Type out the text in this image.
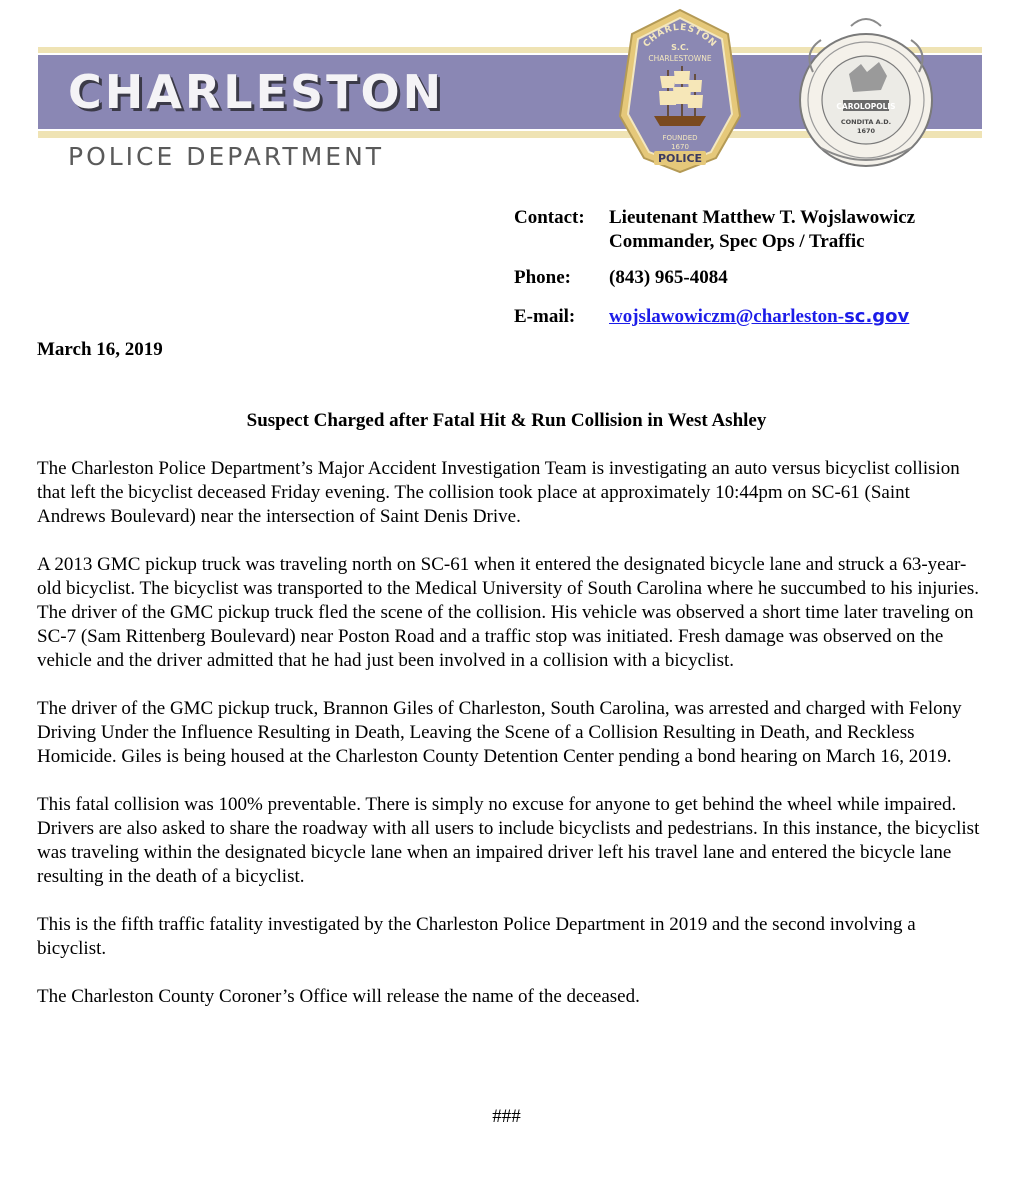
CHARLESTON
POLICE DEPARTMENT
CHARLESTON
S.C.
CHARLESTOWNE
FOUNDED
1670
POLICE
CAROLOPOLIS
CONDITA A.D.
1670
Contact: Lieutenant Matthew T. Wojslawowicz
Commander, Spec Ops / Traffic
Phone: (843) 965-4084
E-mail: wojslawowiczm@charleston-sc.gov
March 16, 2019
Suspect Charged after Fatal Hit & Run Collision in West Ashley

The Charleston Police Department’s Major Accident Investigation Team is investigating an auto versus bicyclist collision that left the bicyclist deceased Friday evening. The collision took place at approximately 10:44pm on SC-61 (Saint Andrews Boulevard) near the intersection of Saint Denis Drive.

A 2013 GMC pickup truck was traveling north on SC-61 when it entered the designated bicycle lane and struck a 63-year-old bicyclist. The bicyclist was transported to the Medical University of South Carolina where he succumbed to his injuries. The driver of the GMC pickup truck fled the scene of the collision. His vehicle was observed a short time later traveling on SC-7 (Sam Rittenberg Boulevard) near Poston Road and a traffic stop was initiated. Fresh damage was observed on the vehicle and the driver admitted that he had just been involved in a collision with a bicyclist.

The driver of the GMC pickup truck, Brannon Giles of Charleston, South Carolina, was arrested and charged with Felony Driving Under the Influence Resulting in Death, Leaving the Scene of a Collision Resulting in Death, and Reckless Homicide. Giles is being housed at the Charleston County Detention Center pending a bond hearing on March 16, 2019.

This fatal collision was 100% preventable. There is simply no excuse for anyone to get behind the wheel while impaired. Drivers are also asked to share the roadway with all users to include bicyclists and pedestrians. In this instance, the bicyclist was traveling within the designated bicycle lane when an impaired driver left his travel lane and entered the bicycle lane resulting in the death of a bicyclist.

This is the fifth traffic fatality investigated by the Charleston Police Department in 2019 and the second involving a bicyclist.

The Charleston County Coroner’s Office will release the name of the deceased.

###
